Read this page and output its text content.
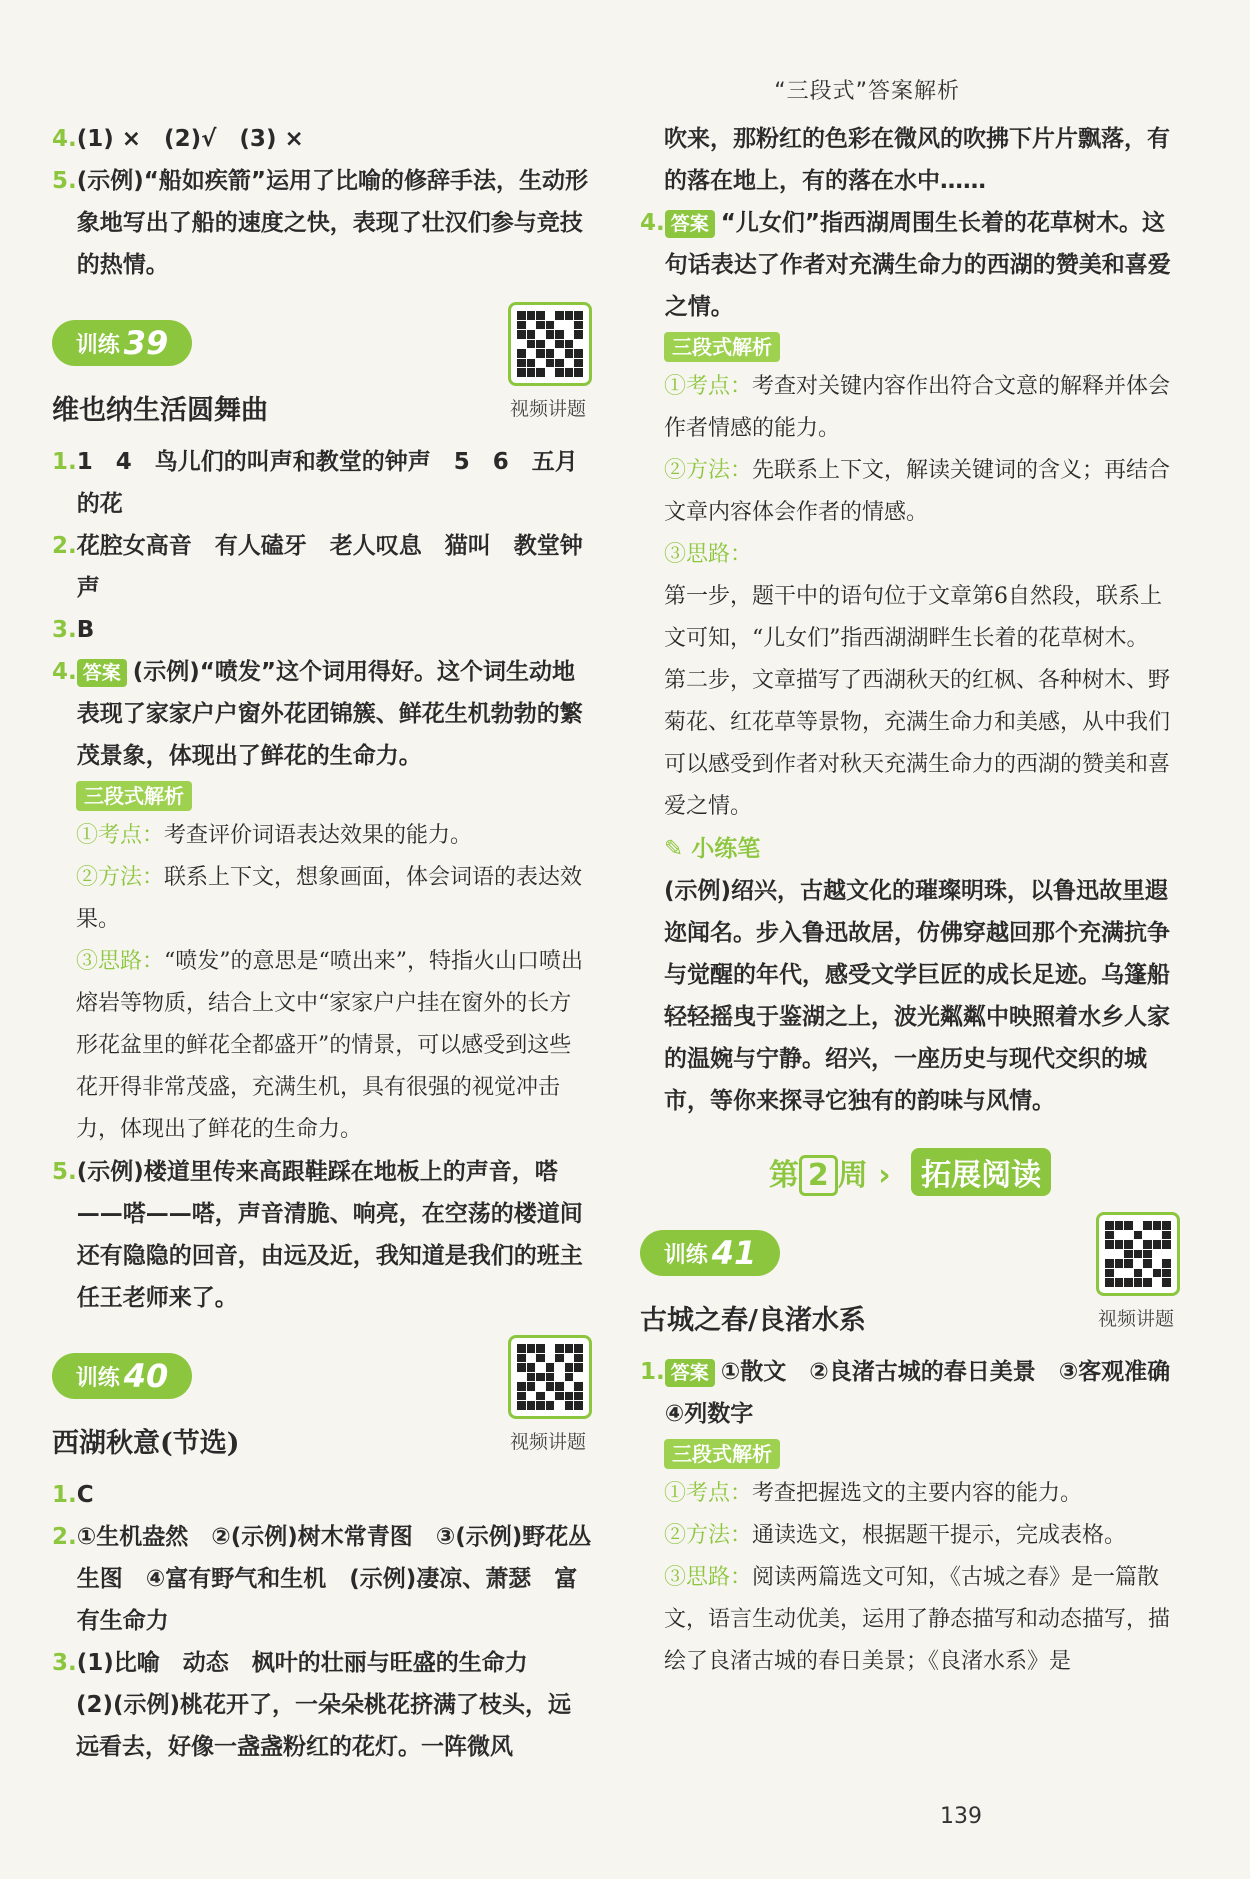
“三段式”答案解析
4. (1) ×　(2)√　(3) ×
5. (示例)“船如疾箭”运用了比喻的修辞手法，生动形象地写出了船的速度之快，表现了壮汉们参与竞技的热情。
训练 39
视频讲题
维也纳生活圆舞曲
1. 1　4　鸟儿们的叫声和教堂的钟声　5　6　五月的花
2. 花腔女高音　有人磕牙　老人叹息　猫叫　教堂钟声
3. B
4. 答案 (示例)“喷发”这个词用得好。这个词生动地表现了家家户户窗外花团锦簇、鲜花生机勃勃的繁茂景象，体现出了鲜花的生命力。
三段式解析
①考点：考查评价词语表达效果的能力。
②方法：联系上下文，想象画面，体会词语的表达效果。
③思路：“喷发”的意思是“喷出来”，特指火山口喷出熔岩等物质，结合上文中“家家户户挂在窗外的长方形花盆里的鲜花全都盛开”的情景，可以感受到这些花开得非常茂盛，充满生机，具有很强的视觉冲击力，体现出了鲜花的生命力。
5. (示例)楼道里传来高跟鞋踩在地板上的声音，嗒——嗒——嗒，声音清脆、响亮，在空荡的楼道间还有隐隐的回音，由远及近，我知道是我们的班主任王老师来了。
训练 40
视频讲题
西湖秋意(节选)
1. C
2. ①生机盎然　②(示例)树木常青图　③(示例)野花丛生图　④富有野气和生机　(示例)凄凉、萧瑟　富有生命力
3. (1)比喻　动态　枫叶的壮丽与旺盛的生命力
(2)(示例)桃花开了，一朵朵桃花挤满了枝头，远远看去，好像一盏盏粉红的花灯。一阵微风
吹来，那粉红的色彩在微风的吹拂下片片飘落，有的落在地上，有的落在水中……
4. 答案 “儿女们”指西湖周围生长着的花草树木。这句话表达了作者对充满生命力的西湖的赞美和喜爱之情。
三段式解析
①考点：考查对关键内容作出符合文意的解释并体会作者情感的能力。
②方法：先联系上下文，解读关键词的含义；再结合文章内容体会作者的情感。
③思路：
第一步，题干中的语句位于文章第6自然段，联系上文可知，“儿女们”指西湖湖畔生长着的花草树木。
第二步，文章描写了西湖秋天的红枫、各种树木、野菊花、红花草等景物，充满生命力和美感，从中我们可以感受到作者对秋天充满生命力的西湖的赞美和喜爱之情。
✎ 小练笔
(示例)绍兴，古越文化的璀璨明珠，以鲁迅故里遐迩闻名。步入鲁迅故居，仿佛穿越回那个充满抗争与觉醒的年代，感受文学巨匠的成长足迹。乌篷船轻轻摇曳于鉴湖之上，波光粼粼中映照着水乡人家的温婉与宁静。绍兴，一座历史与现代交织的城市，等你来探寻它独有的韵味与风情。
第 2 周 › 拓展阅读
训练 41
视频讲题
古城之春/良渚水系
1. 答案 ①散文　②良渚古城的春日美景　③客观准确　④列数字
三段式解析
①考点：考查把握选文的主要内容的能力。
②方法：通读选文，根据题干提示，完成表格。
③思路：阅读两篇选文可知，《古城之春》是一篇散文，语言生动优美，运用了静态描写和动态描写，描绘了良渚古城的春日美景；《良渚水系》是
139
